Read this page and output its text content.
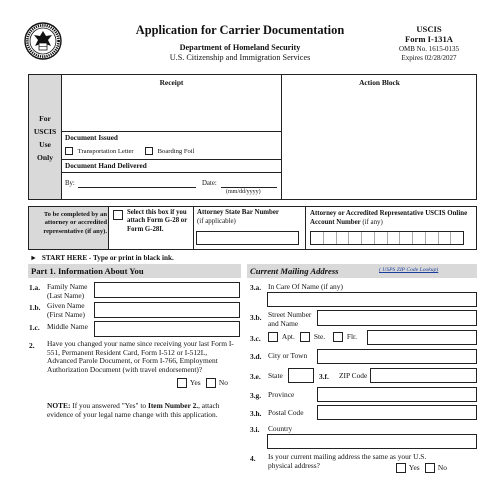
Application for Carrier Documentation
Department of Homeland Security
U.S. Citizenship and Immigration Services
USCIS
Form I-131A
OMB No. 1615-0135
Expires 02/28/2027
For
USCIS
Use
Only
Receipt	Action Block
Document Issued
Transportation Letter	Boarding Foil
Document Hand Delivered
By:	Date:
(mm/dd/yyyy)
To be completed by an attorney or accredited representative (if any).
Select this box if you attach Form G-28 or Form G-28I.
Attorney State Bar Number
(if applicable)
Attorney or Accredited Representative USCIS Online Account Number (if any)
► START HERE - Type or print in black ink.
Part 1. Information About You
1.a. Family Name (Last Name)
1.b. Given Name (First Name)
1.c. Middle Name
2. Have you changed your name since receiving your last Form I-551, Permanent Resident Card, Form I-512 or I-512L, Advanced Parole Document, or Form I-766, Employment Authorization Document (with travel endorsement)?
Yes	No
NOTE: If you answered "Yes" to Item Number 2., attach evidence of your legal name change with this application.
Current Mailing Address	( USPS ZIP Code Lookup)
3.a. In Care Of Name (if any)
3.b. Street Number and Name
3.c.	Apt.	Ste.	Flr.
3.d. City or Town
3.e. State	3.f. ZIP Code
3.g. Province
3.h. Postal Code
3.i. Country
4. Is your current mailing address the same as your U.S. physical address?	Yes	No
